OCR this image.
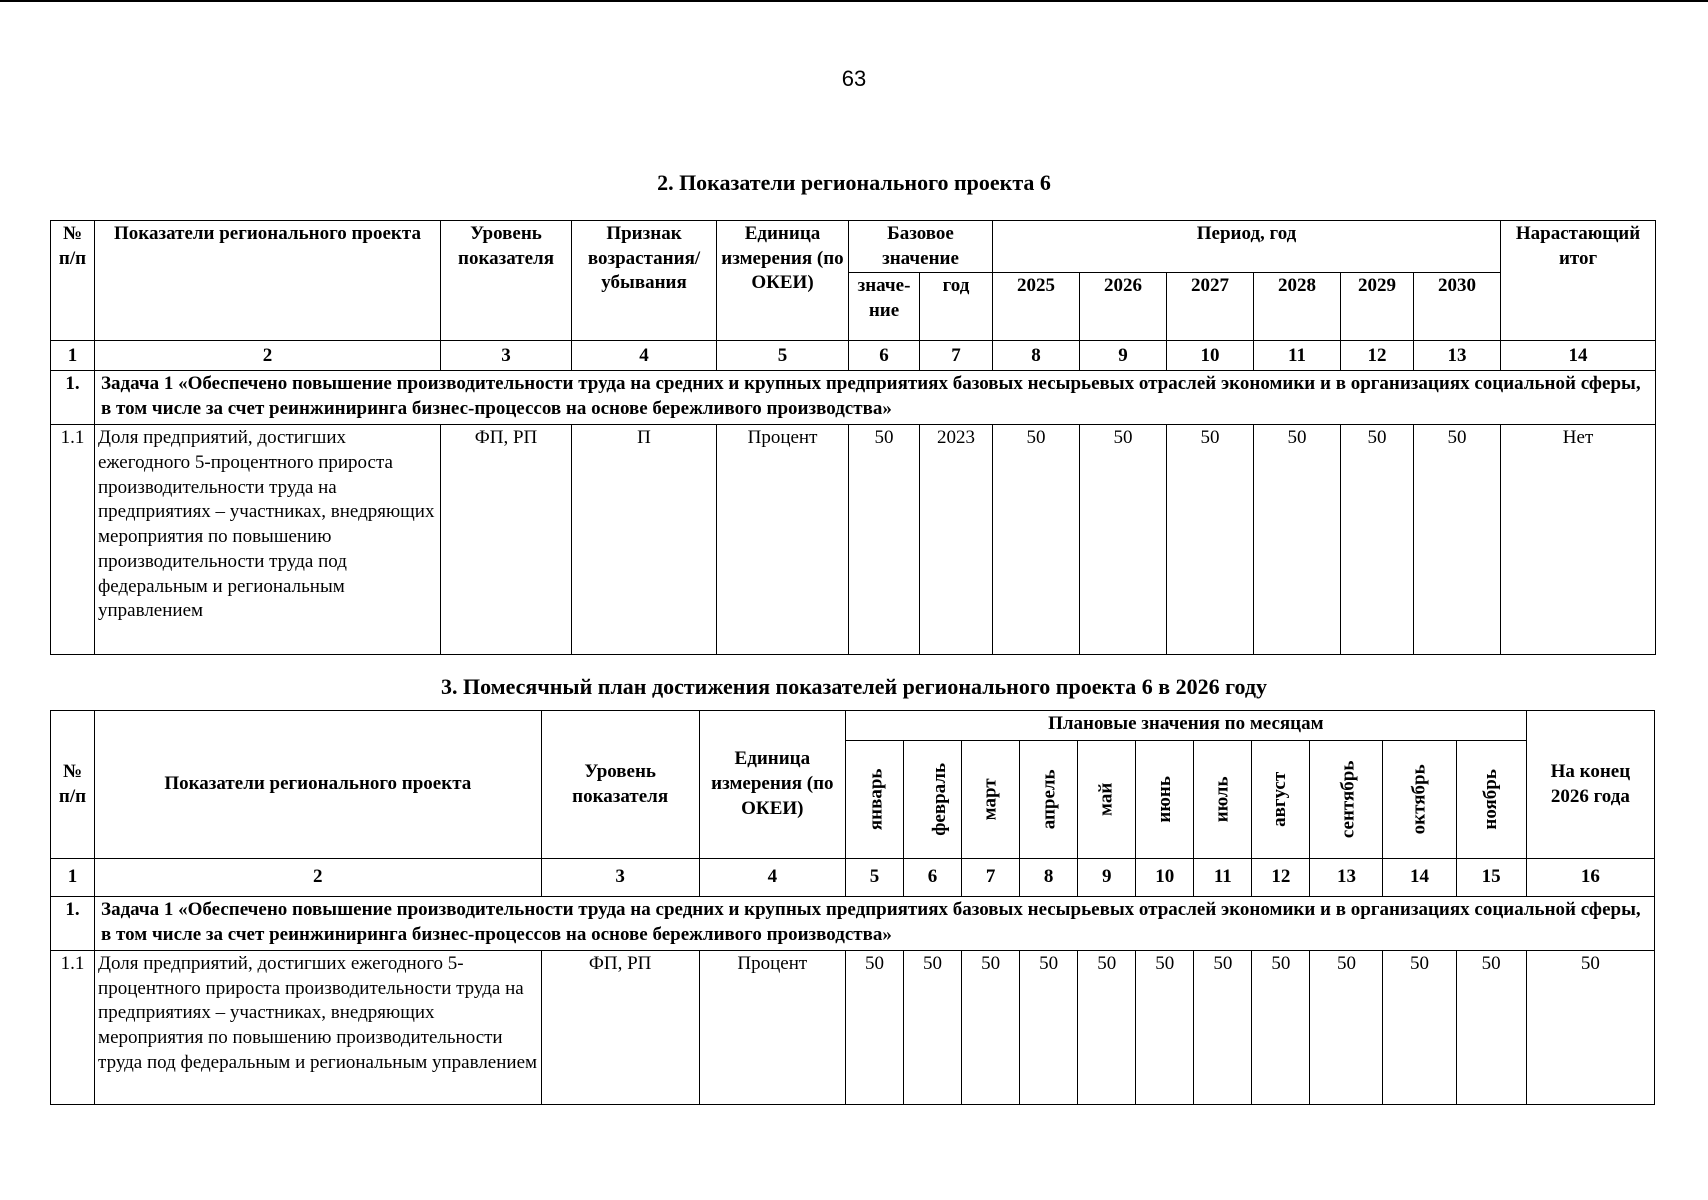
63
2. Показатели регионального проекта 6
№ п/п	Показатели регионального проекта	Уровень показателя	Признак возрастания/ убывания	Единица измерения (по ОКЕИ)	Базовое значение		Период, год						Нарастающий итог
					значе- ние	год	2025	2026	2027	2028	2029	2030	
1	2	3	4	5	6	7	8	9	10	11	12	13	14
1.	Задача 1 «Обеспечено повышение производительности труда на средних и крупных предприятиях базовых несырьевых отраслей экономики и в организациях социальной сферы, в том числе за счет реинжиниринга бизнес-процессов на основе бережливого производства»												
1.1	Доля предприятий, достигших ежегодного 5-процентного прироста производительности труда на предприятиях – участниках, внедряющих мероприятия по повышению производительности труда под федеральным и региональным управлением	ФП, РП	П	Процент	50	2023	50	50	50	50	50	50	Нет
3. Помесячный план достижения показателей регионального проекта 6 в 2026 году
№ п/п	Показатели регионального проекта	Уровень показателя	Единица измерения (по ОКЕИ)	Плановые значения по месяцам											На конец 2026 года
				январь	февраль	март	апрель	май	июнь	июль	август	сентябрь	октябрь	ноябрь	
1	2	3	4	5	6	7	8	9	10	11	12	13	14	15	16
1.	Задача 1 «Обеспечено повышение производительности труда на средних и крупных предприятиях базовых несырьевых отраслей экономики и в организациях социальной сферы, в том числе за счет реинжиниринга бизнес-процессов на основе бережливого производства»														
1.1	Доля предприятий, достигших ежегодного 5-процентного прироста производительности труда на предприятиях – участниках, внедряющих мероприятия по повышению производительности труда под федеральным и региональным управлением	ФП, РП	Процент	50	50	50	50	50	50	50	50	50	50	50	50
